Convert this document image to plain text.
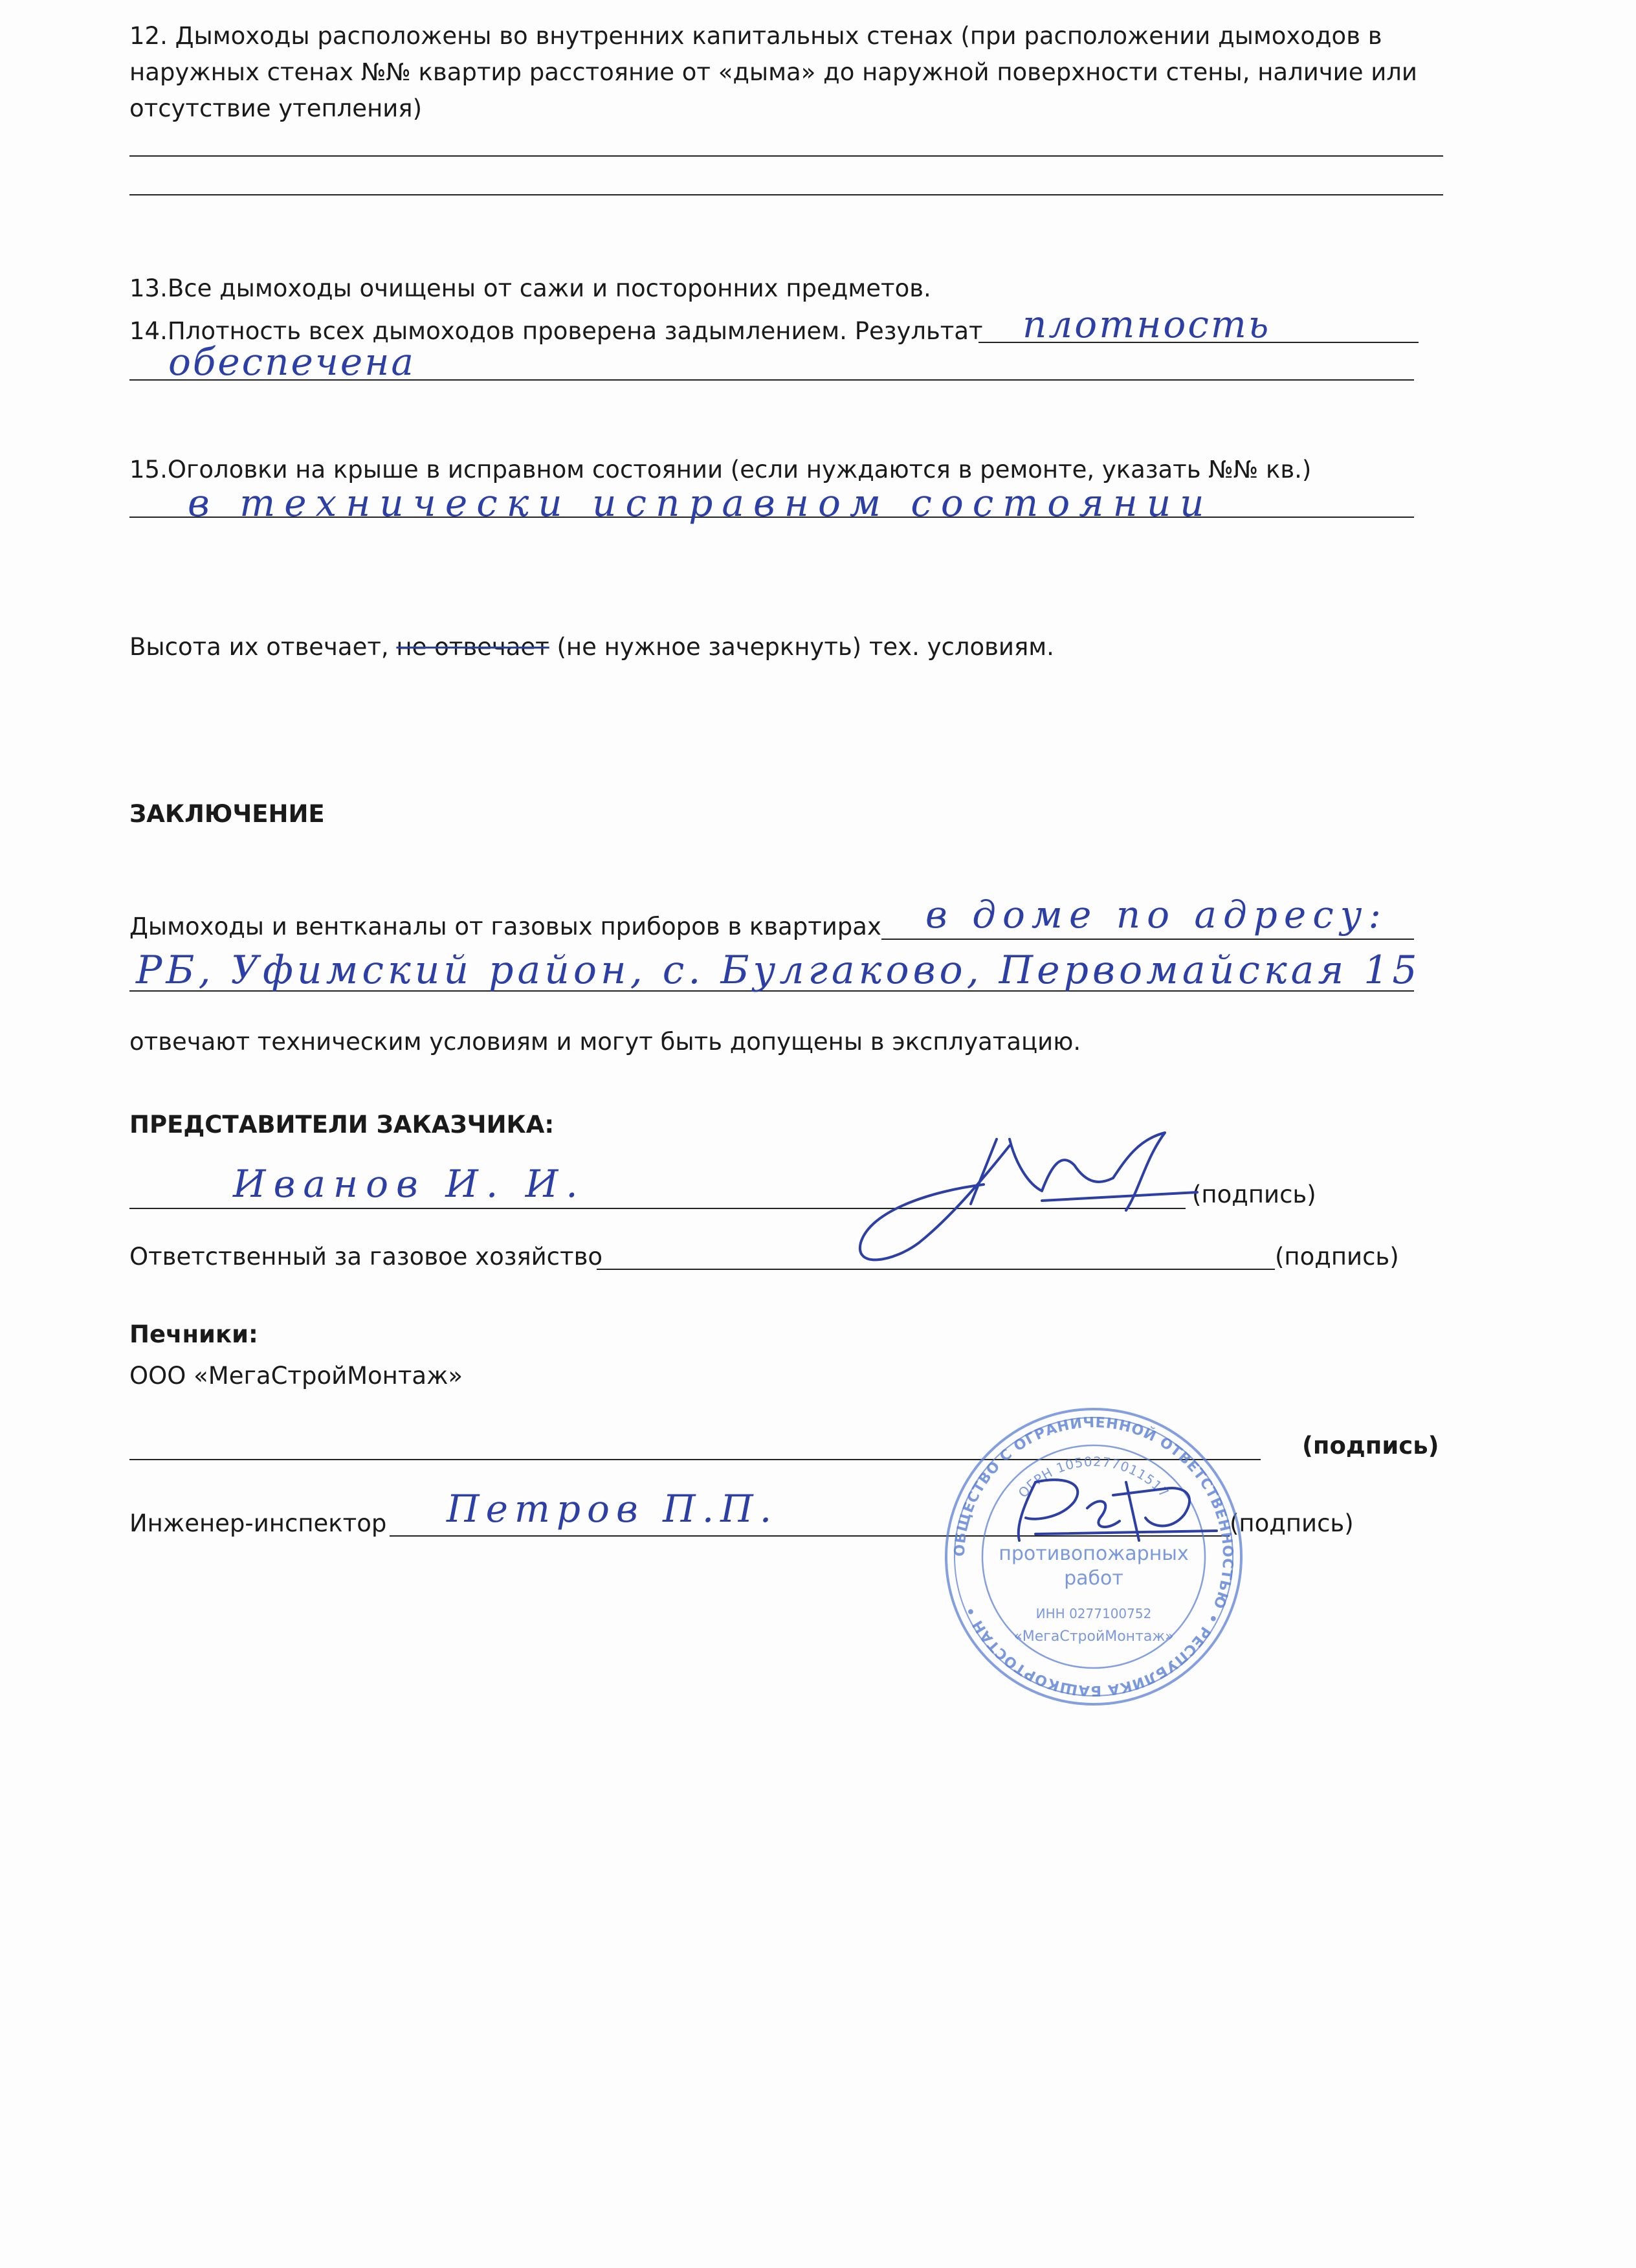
12. Дымоходы расположены во внутренних капитальных стенах (при расположении дымоходов в
наружных стенах №№ квартир расстояние от «дыма» до наружной поверхности стены, наличие или
отсутствие утепления)
13.Все дымоходы очищены от сажи и посторонних предметов.
14.Плотность всех дымоходов проверена задымлением. Результат плотность
обеспечена
15.Оголовки на крыше в исправном состоянии (если нуждаются в ремонте, указать №№ кв.)
в технически исправном состоянии
Высота их отвечает, не отвечает (не нужное зачеркнуть) тех. условиям.
ЗАКЛЮЧЕНИЕ
Дымоходы и вентканалы от газовых приборов в квартирах в доме по адресу:
РБ, Уфимский район, с. Булгаково, Первомайская 15
отвечают техническим условиям и могут быть допущены в эксплуатацию.
ПРЕДСТАВИТЕЛИ ЗАКАЗЧИКА:
Иванов И. И.	(подпись)
Ответственный за газовое хозяйство	(подпись)
Печники:
ООО «МегаСтройМонтаж»
(подпись)
Инженер-инспектор Петров П.П.	(подпись)
ОБЩЕСТВО С ОГРАНИЧЕННОЙ ОТВЕТСТВЕННОСТЬЮ • РЕСПУБЛИКА БАШКОРТОСТАН •
ОГРН 1050277011517
противопожарных
работ
ИНН 0277100752
«МегаСтройМонтаж»
